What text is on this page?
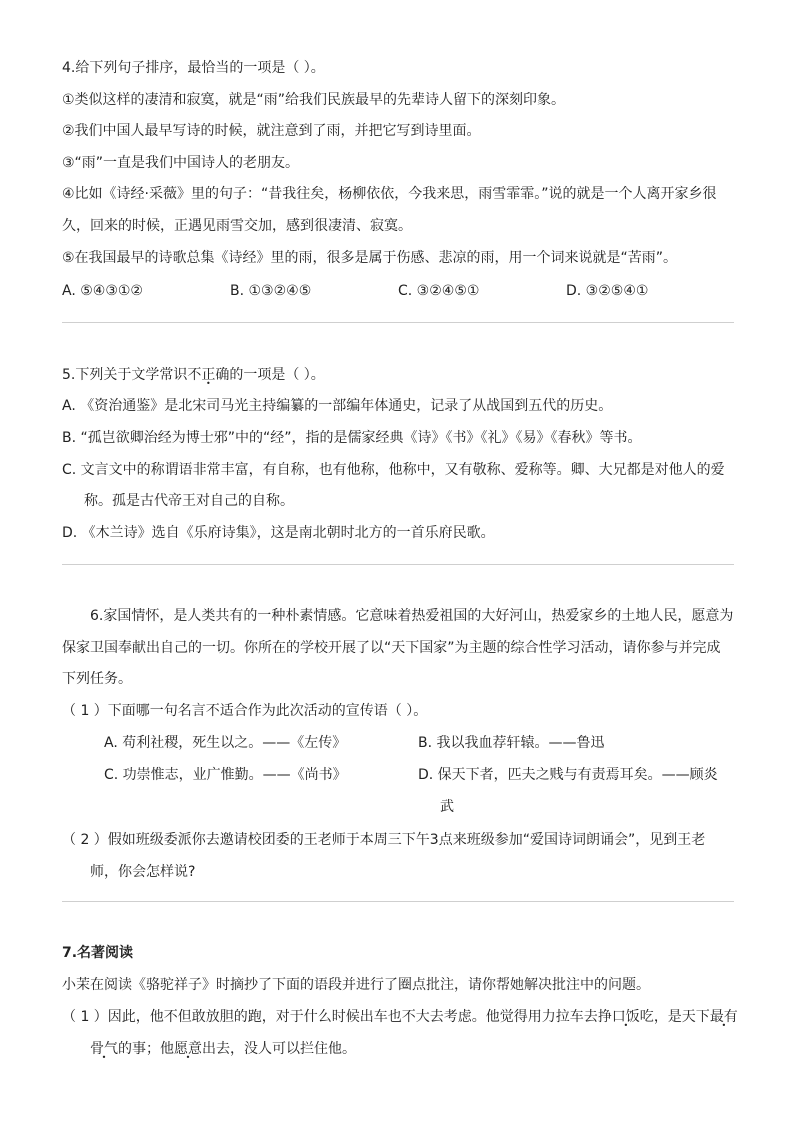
4.给下列句子排序，最恰当的一项是（ ）。
①类似这样的凄清和寂寞，就是“雨”给我们民族最早的先辈诗人留下的深刻印象。
②我们中国人最早写诗的时候，就注意到了雨，并把它写到诗里面。
③“雨”一直是我们中国诗人的老朋友。
④比如《诗经·采薇》里的句子：“昔我往矣，杨柳依依，今我来思，雨雪霏霏。”说的就是一个人离开家乡很
久，回来的时候，正遇见雨雪交加，感到很凄清、寂寞。
⑤在我国最早的诗歌总集《诗经》里的雨，很多是属于伤感、悲凉的雨，用一个词来说就是“苦雨”。
A. ⑤④③①②	B. ①③②④⑤	C. ③②④⑤①	D. ③②⑤④①
5.下列关于文学常识不正确的一项是（ ）。
A. 《资治通鉴》是北宋司马光主持编纂的一部编年体通史，记录了从战国到五代的历史。
B. “孤岂欲卿治经为博士邪”中的“经”，指的是儒家经典《诗》《书》《礼》《易》《春秋》等书。
C. 文言文中的称谓语非常丰富，有自称，也有他称，他称中，又有敬称、爱称等。卿、大兄都是对他人的爱
称。孤是古代帝王对自己的自称。
D. 《木兰诗》选自《乐府诗集》，这是南北朝时北方的一首乐府民歌。
6.家国情怀，是人类共有的一种朴素情感。它意味着热爱祖国的大好河山，热爱家乡的土地人民，愿意为
保家卫国奉献出自己的一切。你所在的学校开展了以“天下国家”为主题的综合性学习活动，请你参与并完成
下列任务。
（ 1 ）下面哪一句名言不适合作为此次活动的宣传语（ ）。
A. 苟利社稷，死生以之。——《左传》	B. 我以我血荐轩辕。——鲁迅
C. 功崇惟志，业广惟勤。——《尚书》	D. 保天下者，匹夫之贱与有责焉耳矣。——顾炎
武
（ 2 ）假如班级委派你去邀请校团委的王老师于本周三下午3点来班级参加“爱国诗词朗诵会”，见到王老
师，你会怎样说?
7.名著阅读
小茉在阅读《骆驼祥子》时摘抄了下面的语段并进行了圈点批注，请你帮她解决批注中的问题。
（ 1 ）因此，他不但敢放胆的跑，对于什么时候出车也不大去考虑。他觉得用力拉车去挣口饭吃，是天下最有
骨气的事；他愿意出去，没人可以拦住他。
